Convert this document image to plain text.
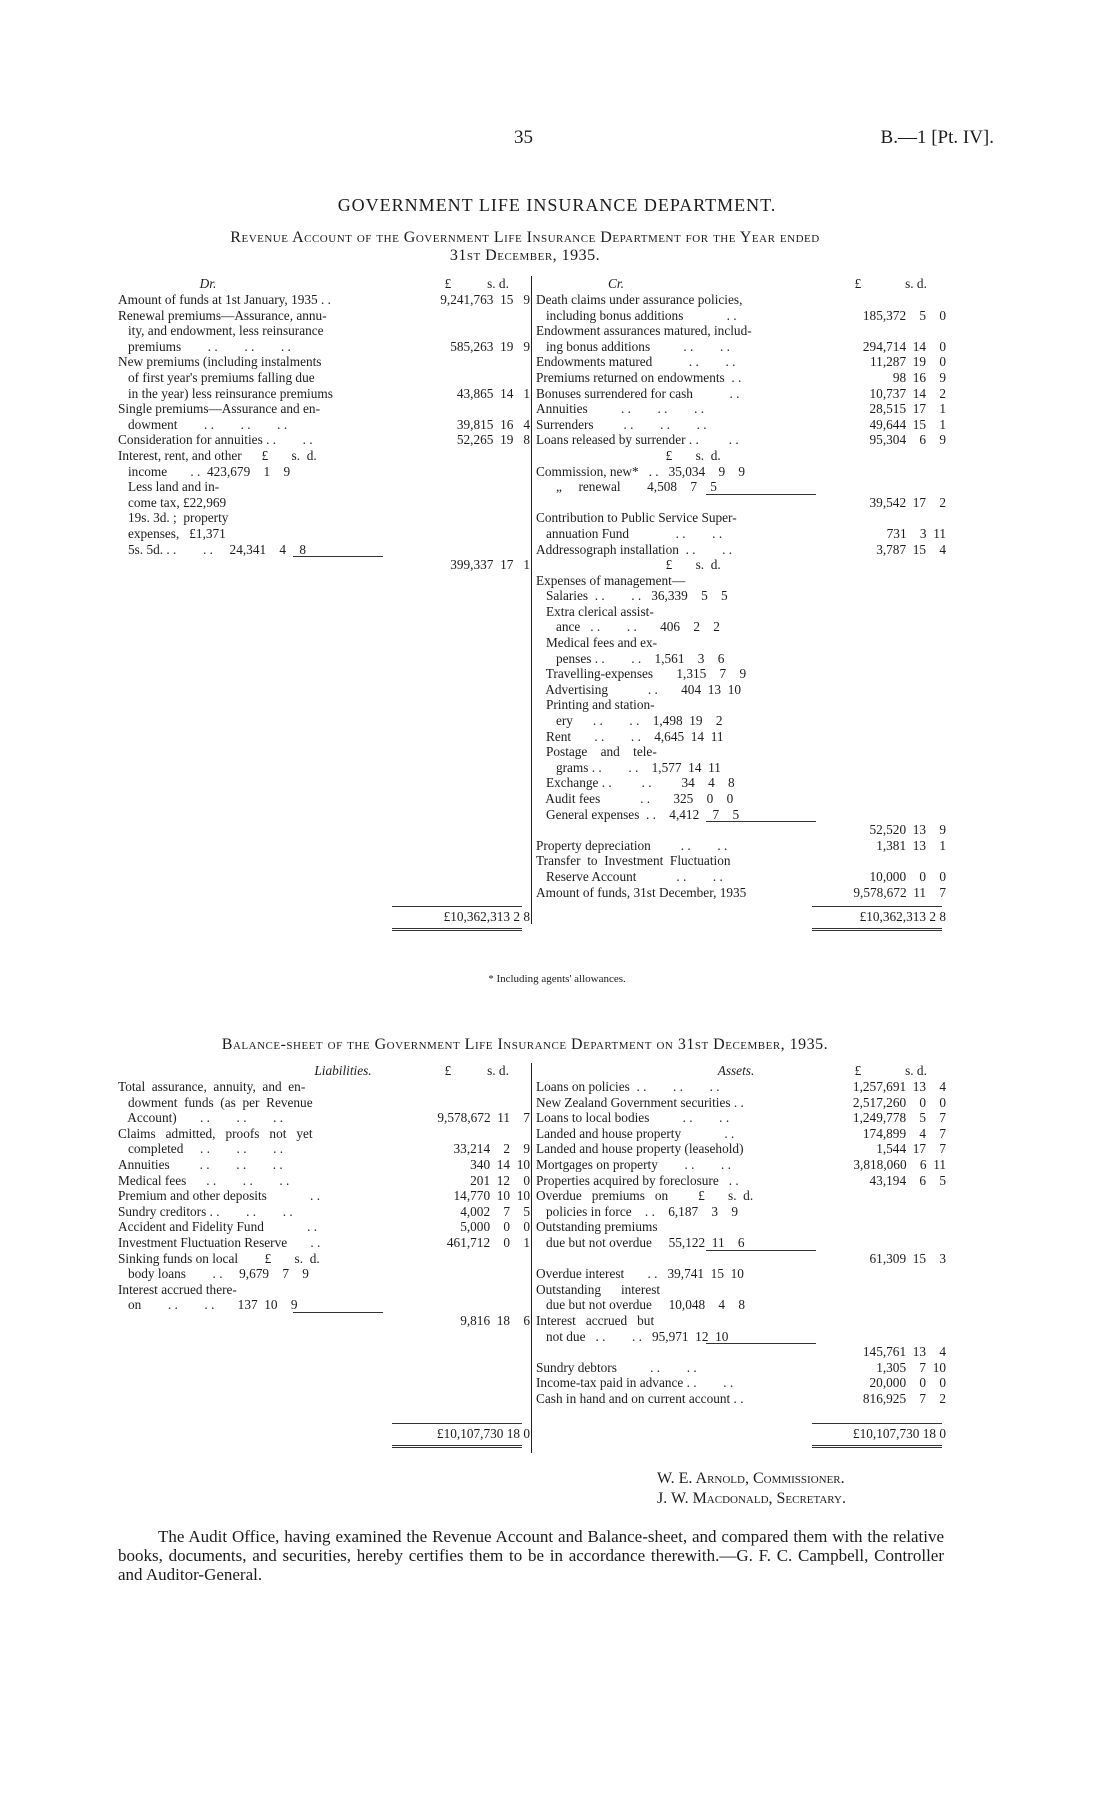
35	B.—1 [Pt. IV].
GOVERNMENT LIFE INSURANCE DEPARTMENT.
Revenue Account of the Government Life Insurance Department for the Year ended
31st December, 1935.
Dr.	£	s. d.	Cr.	£	s. d.
Amount of funds at 1st January, 1935 . .	9,241,763  15   9
Renewal premiums—Assurance, annu-
ity, and endowment, less reinsurance
premiums        . .        . .        . .	585,263  19   9
New premiums (including instalments
of first year's premiums falling due
in the year) less reinsurance premiums	43,865  14   1
Single premiums—Assurance and en-
dowment        . .        . .        . .	39,815  16   4
Consideration for annuities . .        . .	52,265  19   8
Interest, rent, and other      £       s.  d.
income       . .  423,679    1    9
Less land and in-
come tax, £22,969
19s. 3d. ;  property
expenses,   £1,371
5s. 5d. . .        . .     24,341    4    8
399,337  17   1
Death claims under assurance policies,
including bonus additions             . .	185,372    5    0
Endowment assurances matured, includ-
ing bonus additions          . .        . .	294,714  14    0
Endowments matured           . .        . .	11,287  19    0
Premiums returned on endowments  . .	98  16    9
Bonuses surrendered for cash           . .	10,737  14    2
Annuities          . .        . .        . .	28,515  17    1
Surrenders         . .        . .        . .	49,644  15    1
Loans released by surrender . .         . .	95,304    6    9
£       s.  d.
Commission, new*   . .   35,034    9    9
„     renewal        4,508    7    5
39,542  17    2
Contribution to Public Service Super-
annuation Fund              . .        . .	731    3  11
Addressograph installation  . .        . .	3,787  15    4
£       s.  d.
Expenses of management—
Salaries  . .        . .   36,339    5    5
Extra clerical assist-
ance   . .        . .       406    2    2
Medical fees and ex-
penses . .        . .    1,561    3    6
Travelling-expenses       1,315    7    9
Advertising            . .       404  13  10
Printing and station-
ery      . .        . .    1,498  19    2
Rent       . .        . .    4,645  14  11
Postage    and    tele-
grams . .        . .    1,577  14  11
Exchange . .         . .         34    4    8
Audit fees            . .       325    0    0
General expenses  . .    4,412    7    5
52,520  13    9
Property depreciation         . .        . .	1,381  13    1
Transfer  to  Investment  Fluctuation
Reserve Account            . .        . .	10,000    0    0
Amount of funds, 31st December, 1935	9,578,672  11    7
£10,362,313 2 8	£10,362,313 2 8
* Including agents' allowances.
Balance-sheet of the Government Life Insurance Department on 31st December, 1935.
Liabilities.	£	s. d.	Assets.	£	s. d.
Total  assurance,  annuity,  and  en-
dowment  funds  (as  per  Revenue
Account)       . .        . .        . .	9,578,672  11    7
Claims   admitted,   proofs   not   yet
completed     . .        . .        . .	33,214    2    9
Annuities         . .        . .        . .	340  14  10
Medical fees      . .        . .        . .	201  12    0
Premium and other deposits             . .	14,770  10  10
Sundry creditors . .        . .        . .	4,002    7    5
Accident and Fidelity Fund             . .	5,000    0    0
Investment Fluctuation Reserve       . .	461,712    0    1
Sinking funds on local        £       s.  d.
body loans        . .     9,679    7    9
Interest accrued there-
on        . .        . .       137  10    9
9,816  18    6
Loans on policies  . .        . .        . .	1,257,691  13    4
New Zealand Government securities . .	2,517,260    0    0
Loans to local bodies          . .        . .	1,249,778    5    7
Landed and house property             . .	174,899    4    7
Landed and house property (leasehold)	1,544  17    7
Mortgages on property        . .        . .	3,818,060    6  11
Properties acquired by foreclosure   . .	43,194    6    5
Overdue   premiums   on         £       s.  d.
policies in force    . .    6,187    3    9
Outstanding premiums
due but not overdue     55,122  11    6
61,309  15    3
Overdue interest       . .   39,741  15  10
Outstanding      interest
due but not overdue     10,048    4    8
Interest   accrued   but
not due   . .        . .   95,971  12  10
145,761  13    4
Sundry debtors          . .        . .	1,305    7  10
Income-tax paid in advance . .        . .	20,000    0    0
Cash in hand and on current account . .	816,925    7    2
£10,107,730 18 0	£10,107,730 18 0
W. E. Arnold, Commissioner.
J. W. Macdonald, Secretary.
The Audit Office, having examined the Revenue Account and Balance-sheet, and compared them with the relative books, documents, and securities, hereby certifies them to be in accordance therewith.—G. F. C. Campbell, Controller and Auditor-General.
